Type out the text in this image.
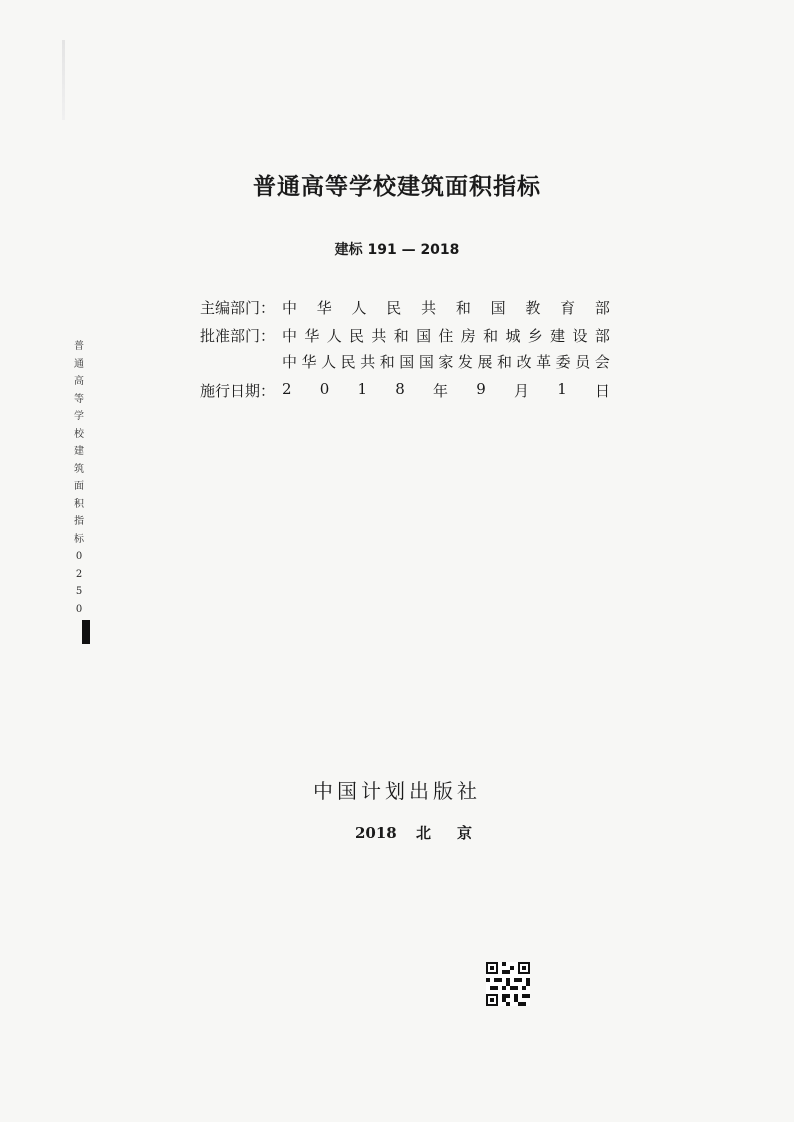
普通高等学校建筑面积指标
建标 191 — 2018
主编部门： 中 华 人 民 共 和 国 教 育 部
批准部门： 中 华 人 民 共 和 国 住 房 和 城 乡 建 设 部
中 华 人 民 共 和 国 国 家 发 展 和 改 革 委 员 会
施行日期： 2 0 1 8 年 9 月 1 日
普
通
高
等
学
校
建
筑
面
积
指
标
0
2
5
0
中国计划出版社
2018 北京
